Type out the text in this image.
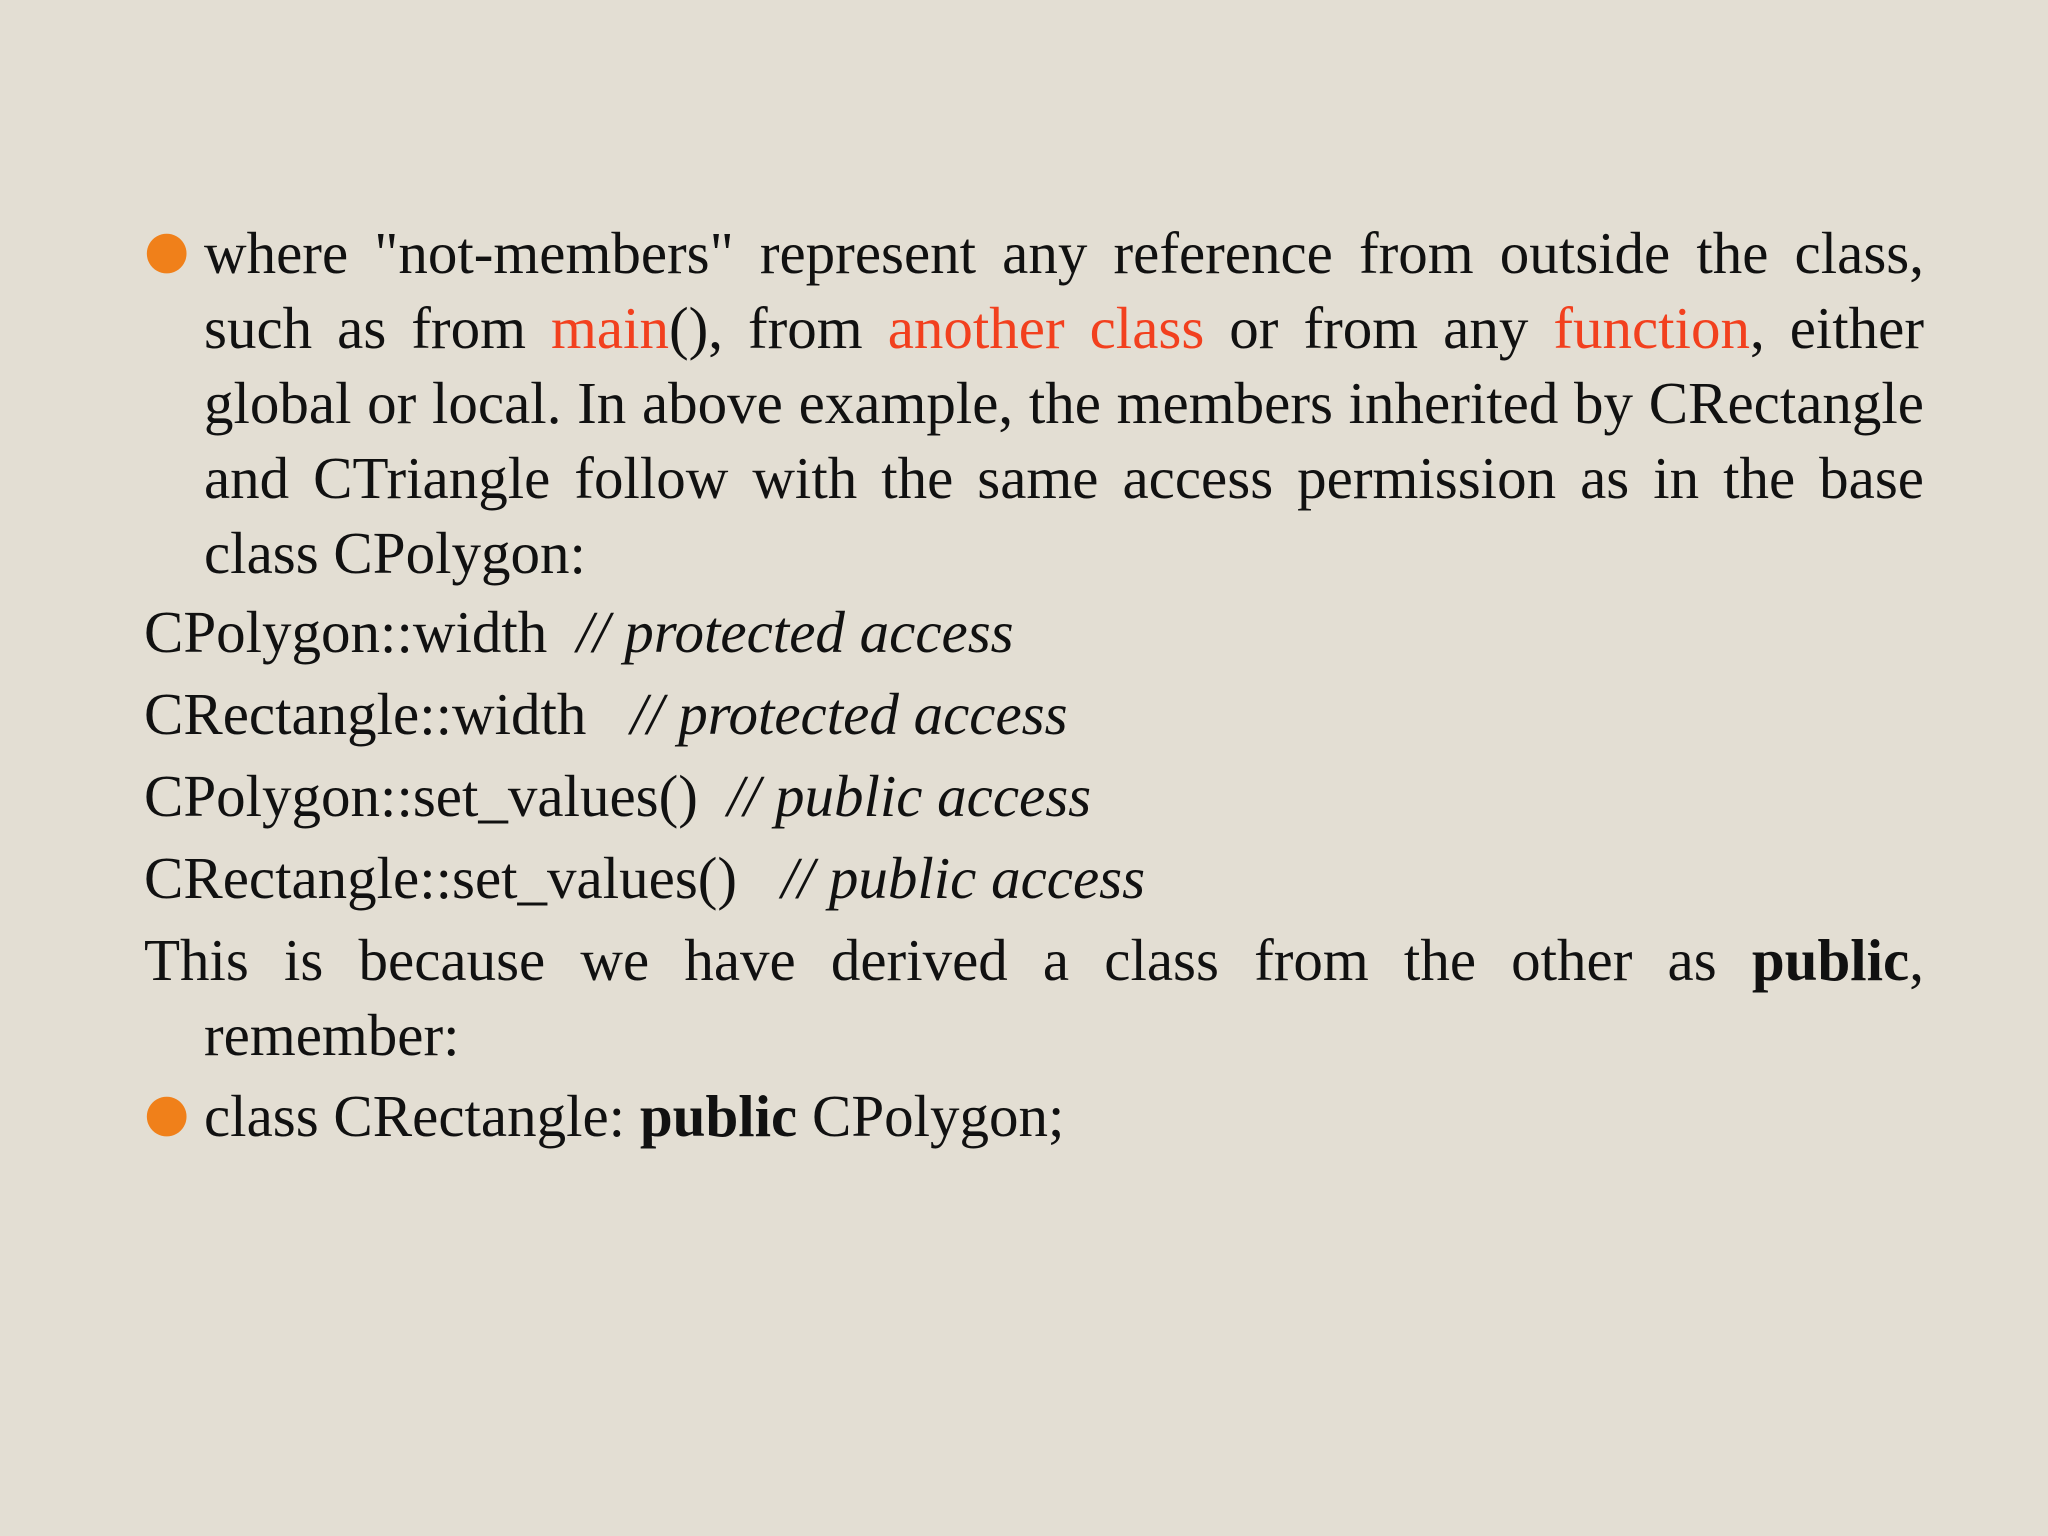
● where "not-members" represent any reference from outside the class, such as from main(), from another class or from any function, either global or local. In above example, the members inherited by CRectangle and CTriangle follow with the same access permission as in the base class CPolygon:

CPolygon::width  // protected access

CRectangle::width   // protected access

CPolygon::set_values()  // public access

CRectangle::set_values()   // public access

This is because we have derived a class from the other as public, remember:

● class CRectangle: public CPolygon;
